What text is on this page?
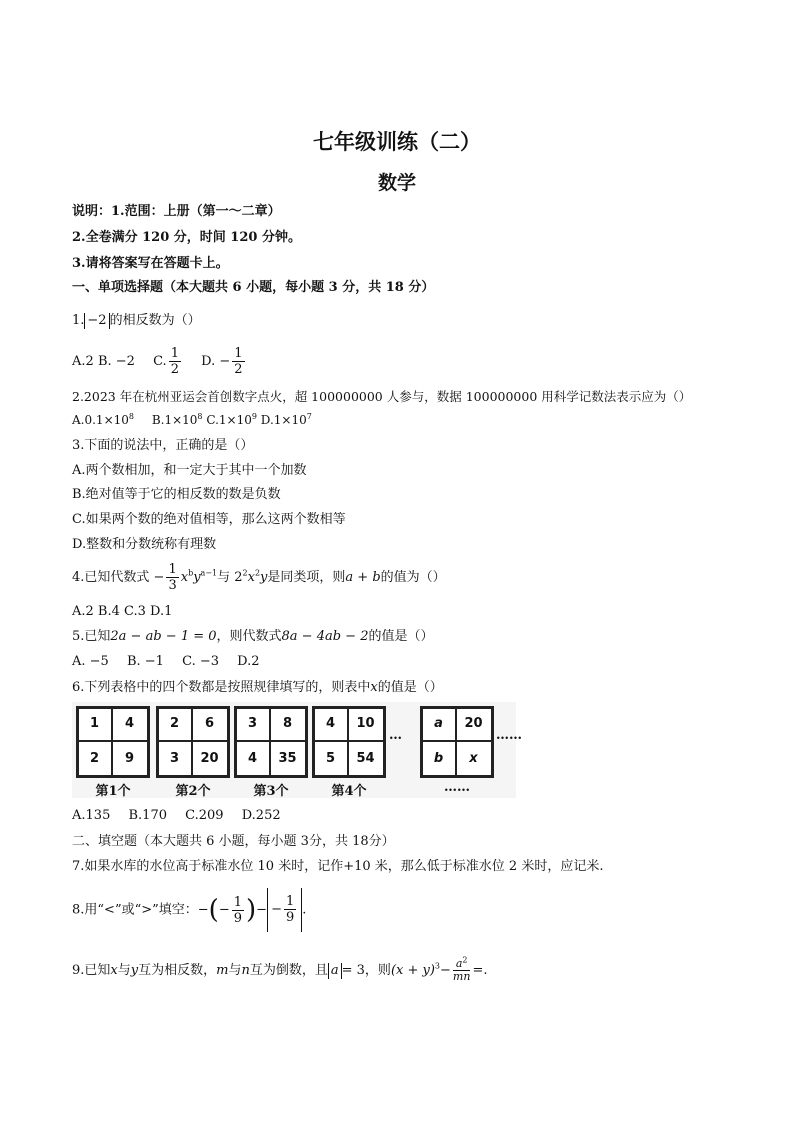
七年级训练（二）
数学
说明：1.范围：上册（第一～二章）
2.全卷满分 120 分，时间 120 分钟。
3.请将答案写在答题卡上。
一、单项选择题（本大题共 6 小题，每小题 3 分，共 18 分）
1. −2 的相反数为（）
A.2 B. −2 C. $\frac{1}{2} D$. − $\frac{1}{2}$
2.2023 年在杭州亚运会首创数字点火，超 100000000 人参与，数据 100000000 用科学记数法表示应为（）
$A.0.1\times 10^8$ $B.1\times 10^8$ $C.1\times 10^9$ $D.1\times 10^7$
3.下面的说法中，正确的是（）
A.两个数相加，和一定大于其中一个加数
B.绝对值等于它的相反数的数是负数
C.如果两个数的绝对值相等，那么这两个数相等
D.整数和分数统称有理数
4.已知代数式 − $\frac{1}{3} x^by^{a-1}$与 $2^2x^2y$是同类项，则a + b的值为（）
A.2 B.4 C.3 D.1
5.已知2a − ab − 1 = 0，则代数式8a − 4ab − 2的值是（）
A. −5 B. −1 C. −3 D.2
6.下列表格中的四个数都是按照规律填写的，则表中x的值是（）
1	4
2	9
第1个
2	6
3	20
第2个
3	8
4	35
第3个
4	10
5	54
第4个
…
a	20
b	x
……
……
A.135 B.170 C.209 D.252
二、填空题（本大题共 6 小题，每小题 3分，共 18分）
7.如果水库的水位高于标准水位 10 米时，记作+10 米，那么低于标准水位 2 米时，应记米.
8.用“<”或“>”填空：−(− $\frac{1}{9}$ )− − $\frac{1}{9}$ .
9.已知x与y互为相反数，m与n互为倒数，且 a = 3，则$(x + y)^3- \frac{a^2}{mn}$ =.
